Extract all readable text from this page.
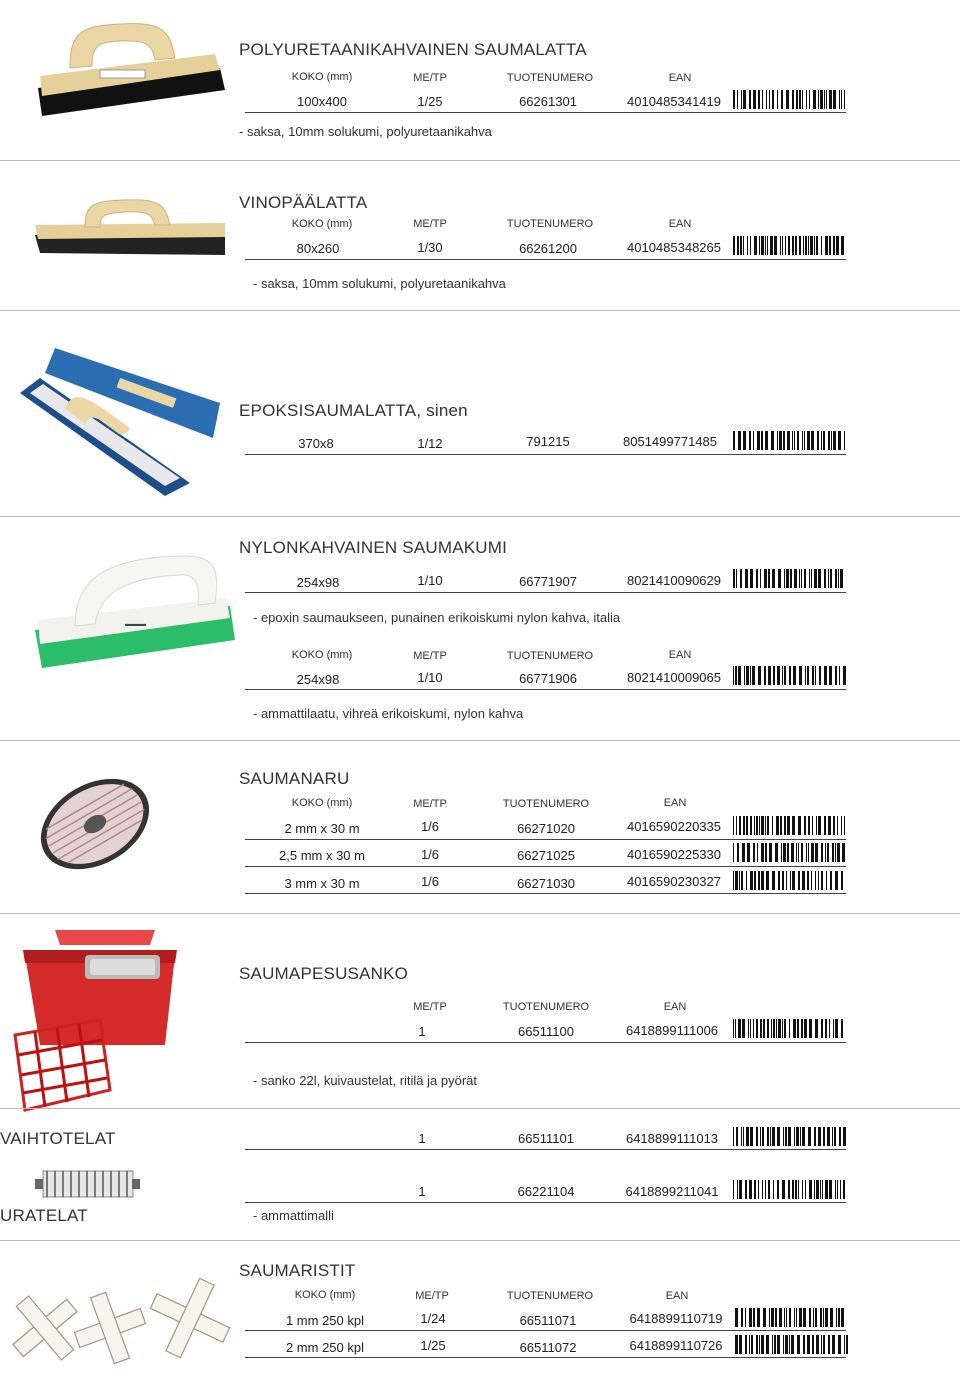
POLYURETAANIKAHVAINEN SAUMALATTA
KOKO (mm)	ME/TP	TUOTENUMERO	EAN
100x400	1/25	66261301	4010485341419
- saksa, 10mm solukumi, polyuretaanikahva
VINOPÄÄLATTA
KOKO (mm)	ME/TP	TUOTENUMERO	EAN
80x260	1/30	66261200	4010485348265
- saksa, 10mm solukumi, polyuretaanikahva
EPOKSISAUMALATTA, sinen
370x8	1/12	791215	8051499771485
▬▬▬
NYLONKAHVAINEN SAUMAKUMI
254x98	1/10	66771907	8021410090629
- epoxin saumaukseen, punainen erikoiskumi nylon kahva, italia
KOKO (mm)	ME/TP	TUOTENUMERO	EAN
254x98	1/10	66771906	8021410009065
- ammattilaatu, vihreä erikoiskumi, nylon kahva
SAUMANARU
KOKO (mm)	ME/TP	TUOTENUMERO	EAN
2 mm x 30 m	1/6	66271020	4016590220335
2,5 mm x 30 m	1/6	66271025	4016590225330
3 mm x 30 m	1/6	66271030	4016590230327
SAUMAPESUSANKO
ME/TP	TUOTENUMERO	EAN
1	66511100	6418899111006
- sanko 22l, kuivaustelat, ritilä ja pyörät
VAIHTOTELAT	1	66511101	6418899111013
URATELAT
1	66221104	6418899211041
- ammattimalli
SAUMARISTIT
KOKO (mm)	ME/TP	TUOTENUMERO	EAN
1 mm 250 kpl	1/24	66511071	6418899110719
2 mm 250 kpl	1/25	66511072	6418899110726
